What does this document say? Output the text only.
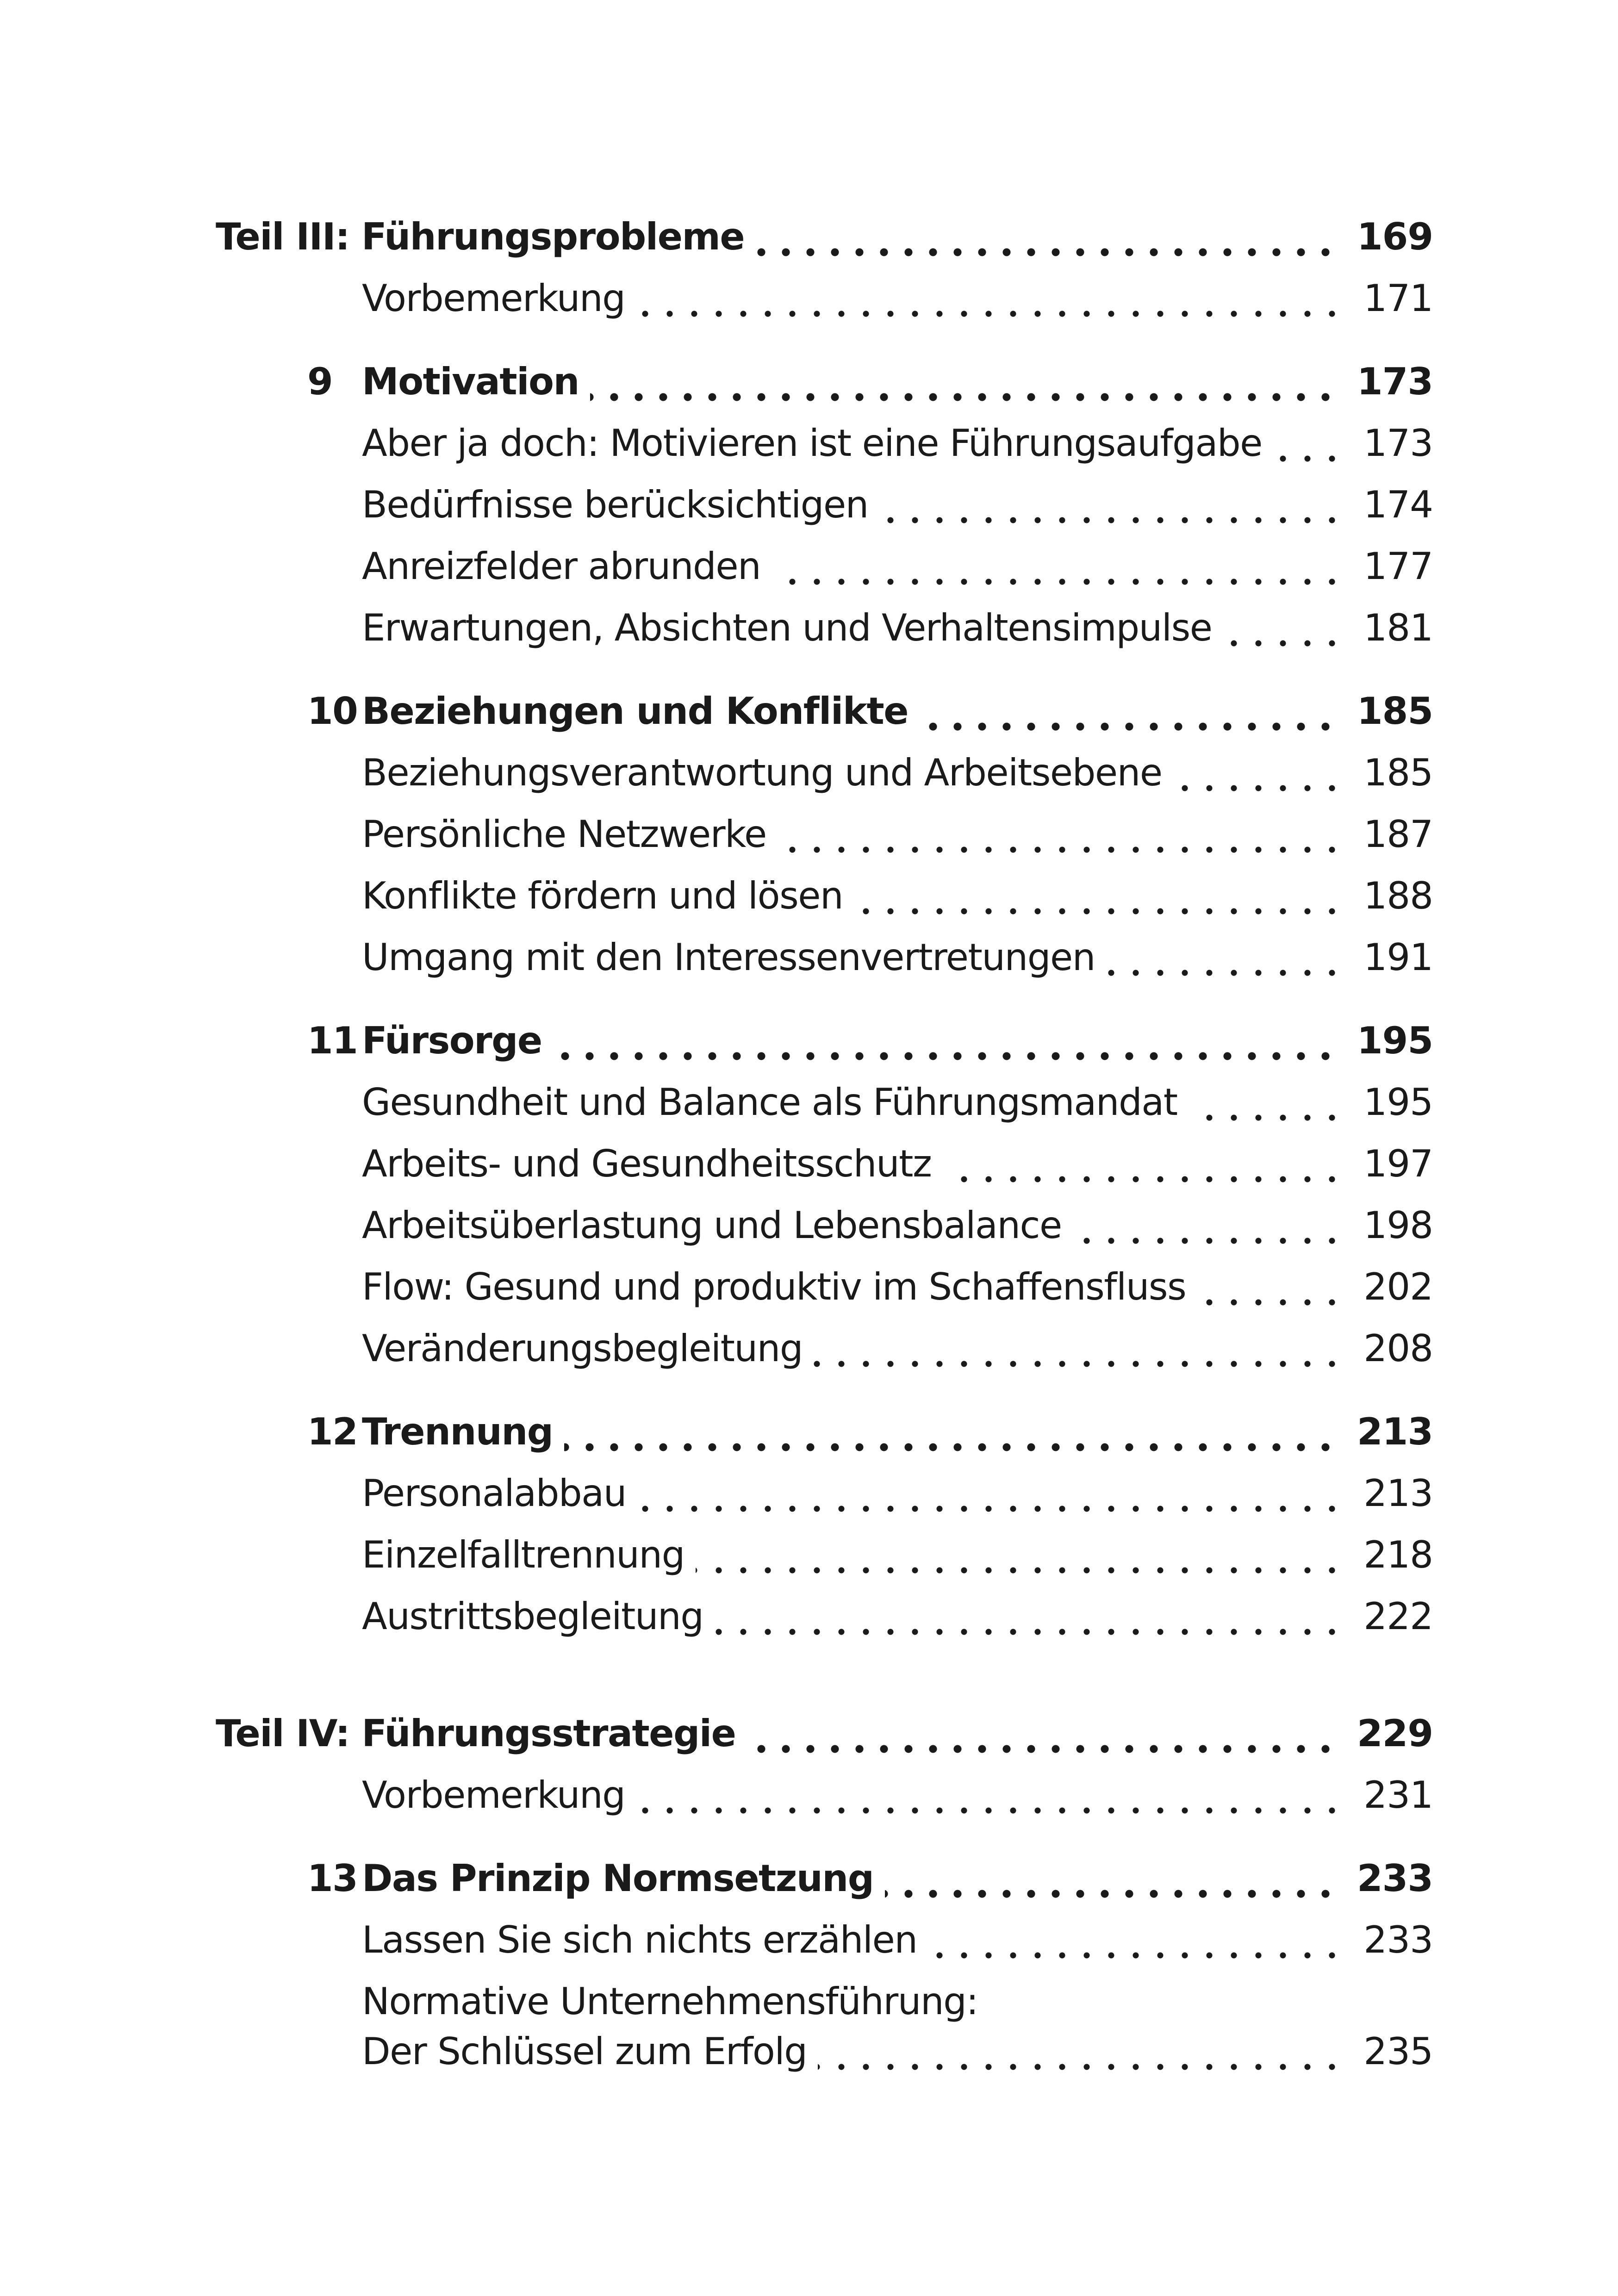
Teil III: Führungsprobleme	169
Vorbemerkung	171
9 Motivation	173
Aber ja doch: Motivieren ist eine Führungsaufgabe	173
Bedürfnisse berücksichtigen	174
Anreizfelder abrunden	177
Erwartungen, Absichten und Verhaltensimpulse	181
10 Beziehungen und Konflikte	185
Beziehungsverantwortung und Arbeitsebene	185
Persönliche Netzwerke	187
Konflikte fördern und lösen	188
Umgang mit den Interessenvertretungen	191
11 Fürsorge	195
Gesundheit und Balance als Führungsmandat	195
Arbeits- und Gesundheitsschutz	197
Arbeitsüberlastung und Lebensbalance	198
Flow: Gesund und produktiv im Schaffensfluss	202
Veränderungsbegleitung	208
12 Trennung	213
Personalabbau	213
Einzelfalltrennung	218
Austrittsbegleitung	222
Teil IV: Führungsstrategie	229
Vorbemerkung	231
13 Das Prinzip Normsetzung	233
Lassen Sie sich nichts erzählen	233
Normative Unternehmensführung:
Der Schlüssel zum Erfolg	235
